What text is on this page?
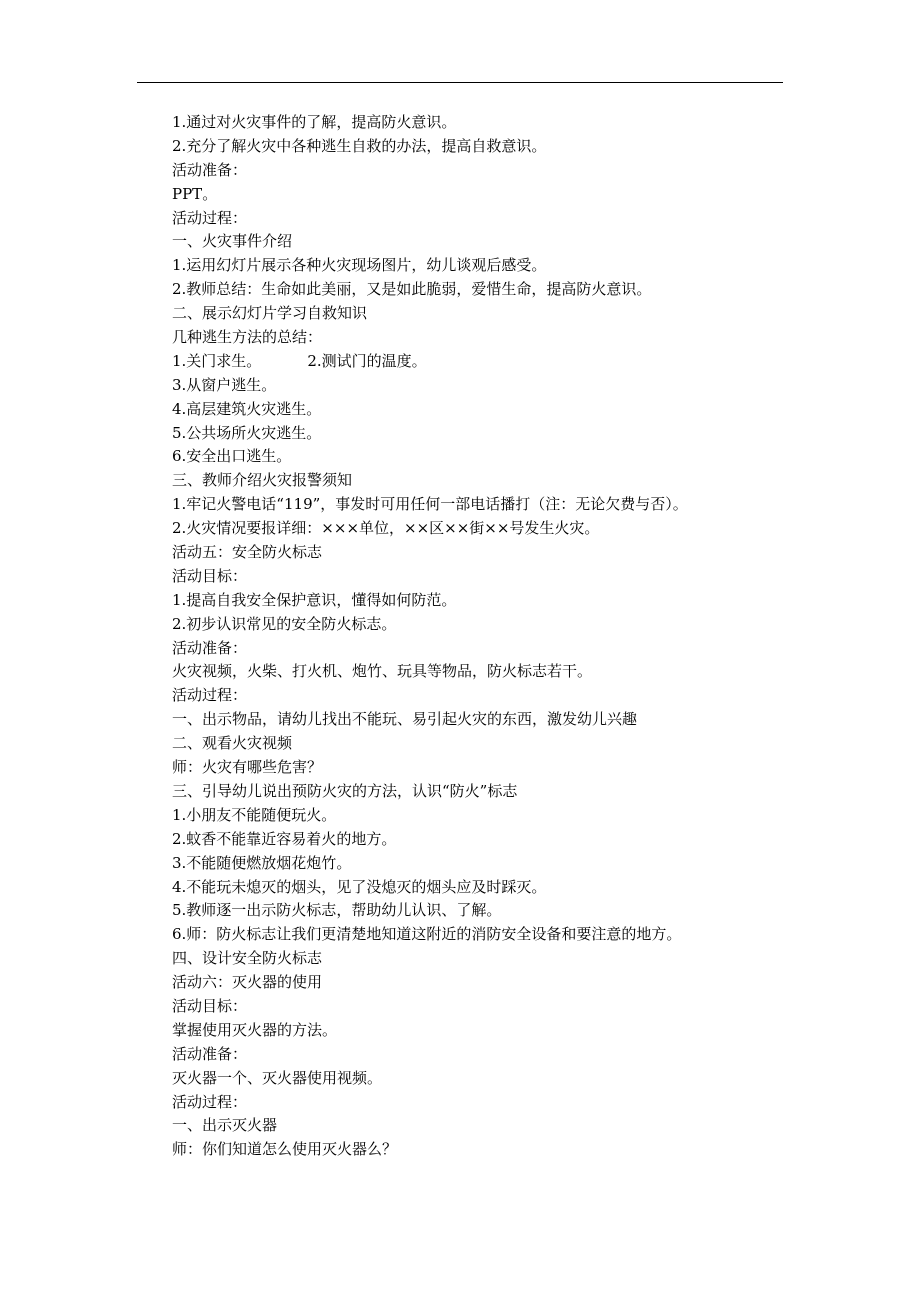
1.通过对火灾事件的了解，提高防火意识。
2.充分了解火灾中各种逃生自救的办法，提高自救意识。
活动准备：
PPT。
活动过程：
一、火灾事件介绍
1.运用幻灯片展示各种火灾现场图片，幼儿谈观后感受。
2.教师总结：生命如此美丽，又是如此脆弱，爱惜生命，提高防火意识。
二、展示幻灯片学习自救知识
几种逃生方法的总结：
1.关门求生。	2.测试门的温度。
3.从窗户逃生。
4.高层建筑火灾逃生。
5.公共场所火灾逃生。
6.安全出口逃生。
三、教师介绍火灾报警须知
1.牢记火警电话“119”，事发时可用任何一部电话播打（注：无论欠费与否）。
2.火灾情况要报详细：×××单位，××区××街××号发生火灾。
活动五：安全防火标志
活动目标：
1.提高自我安全保护意识，懂得如何防范。
2.初步认识常见的安全防火标志。
活动准备：
火灾视频，火柴、打火机、炮竹、玩具等物品，防火标志若干。
活动过程：
一、出示物品，请幼儿找出不能玩、易引起火灾的东西，激发幼儿兴趣
二、观看火灾视频
师：火灾有哪些危害？
三、引导幼儿说出预防火灾的方法，认识“防火”标志
1.小朋友不能随便玩火。
2.蚊香不能靠近容易着火的地方。
3.不能随便燃放烟花炮竹。
4.不能玩未熄灭的烟头，见了没熄灭的烟头应及时踩灭。
5.教师逐一出示防火标志，帮助幼儿认识、了解。
6.师：防火标志让我们更清楚地知道这附近的消防安全设备和要注意的地方。
四、设计安全防火标志
活动六：灭火器的使用
活动目标：
掌握使用灭火器的方法。
活动准备：
灭火器一个、灭火器使用视频。
活动过程：
一、出示灭火器
师：你们知道怎么使用灭火器么？
